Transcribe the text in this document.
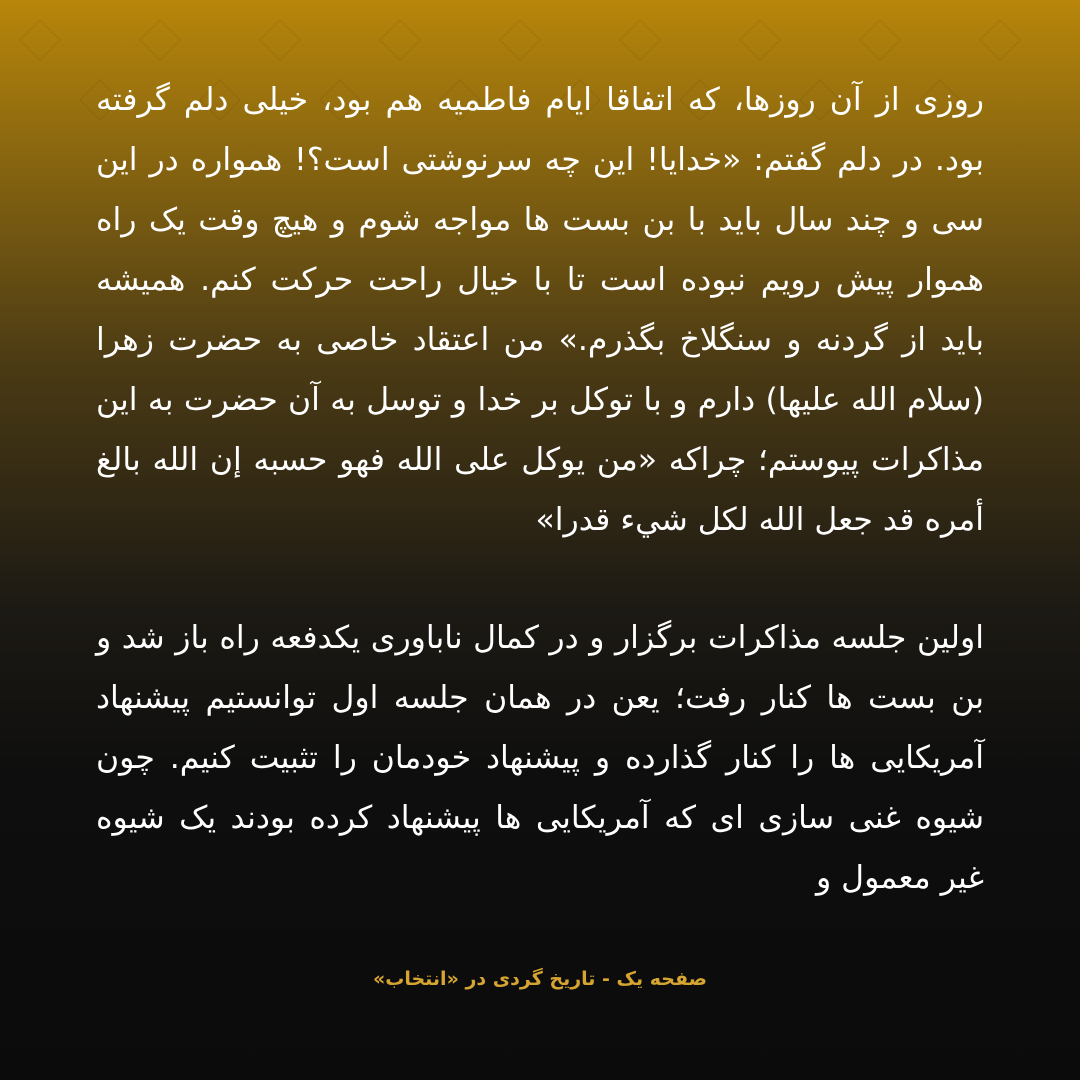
روزی از آن روزها، که اتفاقا ایام فاطمیه هم بود، خیلی دلم گرفته بود. در دلم گفتم: «خدایا! این چه سرنوشتی است؟! همواره در این سی و چند سال باید با بن بست ها مواجه شوم و هیچ وقت یک راه هموار پیش رویم نبوده است تا با خیال راحت حرکت کنم. همیشه باید از گردنه و سنگلاخ بگذرم.» من اعتقاد خاصی به حضرت زهرا (سلام الله علیها) دارم و با توکل بر خدا و توسل به آن حضرت به این مذاکرات پیوستم؛ چراکه «من یوکل علی الله فهو حسبه إن الله بالغ أمره قد جعل الله لکل شيء قدرا»

اولین جلسه مذاکرات برگزار و در کمال ناباوری یکدفعه راه باز شد و بن بست ها کنار رفت؛ یعن در همان جلسه اول توانستیم پیشنهاد آمریکایی ها را کنار گذارده و پیشنهاد خودمان را تثبیت کنیم. چون شیوه غنی سازی ای که آمریکایی ها پیشنهاد کرده بودند یک شیوه غیر معمول و

صفحه یک - تاریخ گردی در «انتخاب»
